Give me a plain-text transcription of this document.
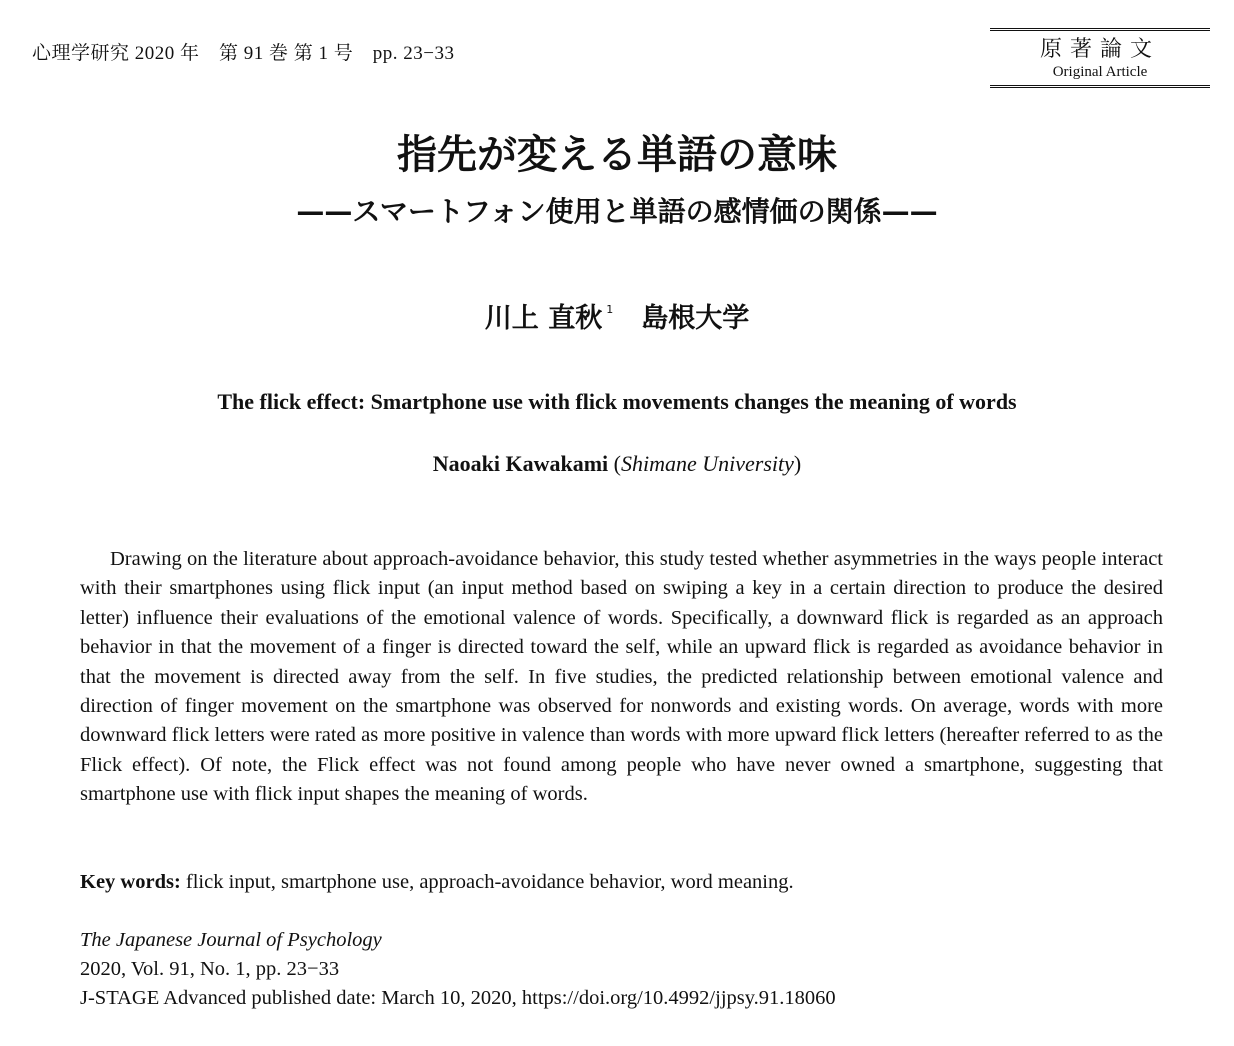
心理学研究 2020 年　第 91 巻 第 1 号　pp. 23−33	原著論文
Original Article
指先が変える単語の意味
——スマートフォン使用と単語の感情価の関係——
川上 直秋 $^1$ 島根大学
The flick effect: Smartphone use with flick movements changes the meaning of words
Naoaki Kawakami (Shimane University)

Drawing on the literature about approach-avoidance behavior, this study tested whether asymmetries in the ways people interact with their smartphones using flick input (an input method based on swiping a key in a certain direction to produce the desired letter) influence their evaluations of the emotional valence of words. Specifically, a downward flick is regarded as an approach behavior in that the movement of a finger is directed toward the self, while an upward flick is regarded as avoidance behavior in that the movement is directed away from the self. In five studies, the predicted relationship between emotional valence and direction of finger movement on the smartphone was observed for nonwords and existing words. On average, words with more downward flick letters were rated as more positive in valence than words with more upward flick letters (hereafter referred to as the Flick effect). Of note, the Flick effect was not found among people who have never owned a smartphone, suggesting that smartphone use with flick input shapes the meaning of words.

Key words: flick input, smartphone use, approach-avoidance behavior, word meaning.
The Japanese Journal of Psychology
2020, Vol. 91, No. 1, pp. 23−33
J-STAGE Advanced published date: March 10, 2020, https://doi.org/10.4992/jjpsy.91.18060
